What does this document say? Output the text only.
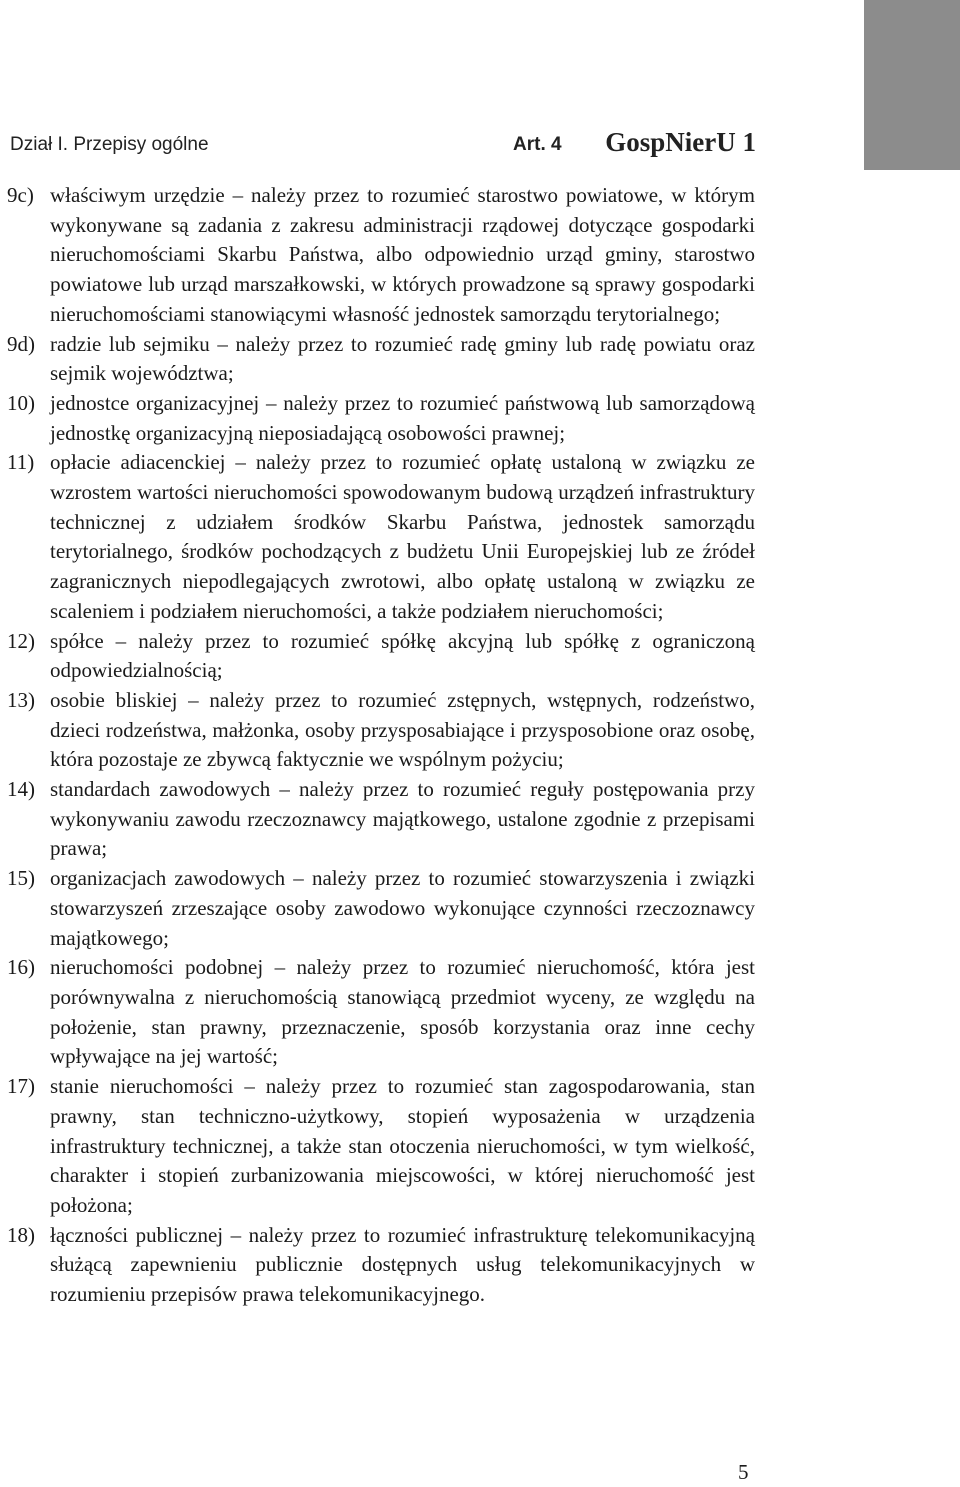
Dział I. Przepisy ogólne	Art. 4 GospNierU 1
9c) właściwym urzędzie – należy przez to rozumieć starostwo powiatowe, w którym wykonywane są zadania z zakresu administracji rządowej dotyczące gospodarki nieruchomościami Skarbu Państwa, albo odpowiednio urząd gminy, starostwo powiatowe lub urząd marszałkowski, w których prowadzone są sprawy gospodarki nieruchomościami stanowiącymi własność jednostek samorządu terytorialnego;
9d) radzie lub sejmiku – należy przez to rozumieć radę gminy lub radę powiatu oraz sejmik województwa;
10) jednostce organizacyjnej – należy przez to rozumieć państwową lub samorządową jednostkę organizacyjną nieposiadającą osobowości prawnej;
11) opłacie adiacenckiej – należy przez to rozumieć opłatę ustaloną w związku ze wzrostem wartości nieruchomości spowodowanym budową urządzeń infrastruktury technicznej z udziałem środków Skarbu Państwa, jednostek samorządu terytorialnego, środków pochodzących z budżetu Unii Europejskiej lub ze źródeł zagranicznych niepodlegających zwrotowi, albo opłatę ustaloną w związku ze scaleniem i podziałem nieruchomości, a także podziałem nieruchomości;
12) spółce – należy przez to rozumieć spółkę akcyjną lub spółkę z ograniczoną odpowiedzialnością;
13) osobie bliskiej – należy przez to rozumieć zstępnych, wstępnych, rodzeństwo, dzieci rodzeństwa, małżonka, osoby przysposabiające i przysposobione oraz osobę, która pozostaje ze zbywcą faktycznie we wspólnym pożyciu;
14) standardach zawodowych – należy przez to rozumieć reguły postępowania przy wykonywaniu zawodu rzeczoznawcy majątkowego, ustalone zgodnie z przepisami prawa;
15) organizacjach zawodowych – należy przez to rozumieć stowarzyszenia i związki stowarzyszeń zrzeszające osoby zawodowo wykonujące czynności rzeczoznawcy majątkowego;
16) nieruchomości podobnej – należy przez to rozumieć nieruchomość, która jest porównywalna z nieruchomością stanowiącą przedmiot wyceny, ze względu na położenie, stan prawny, przeznaczenie, sposób korzystania oraz inne cechy wpływające na jej wartość;
17) stanie nieruchomości – należy przez to rozumieć stan zagospodarowania, stan prawny, stan techniczno-użytkowy, stopień wyposażenia w urządzenia infrastruktury technicznej, a także stan otoczenia nieruchomości, w tym wielkość, charakter i stopień zurbanizowania miejscowości, w której nieruchomość jest położona;
18) łączności publicznej – należy przez to rozumieć infrastrukturę telekomunikacyjną służącą zapewnieniu publicznie dostępnych usług telekomunikacyjnych w rozumieniu przepisów prawa telekomunikacyjnego.
5
